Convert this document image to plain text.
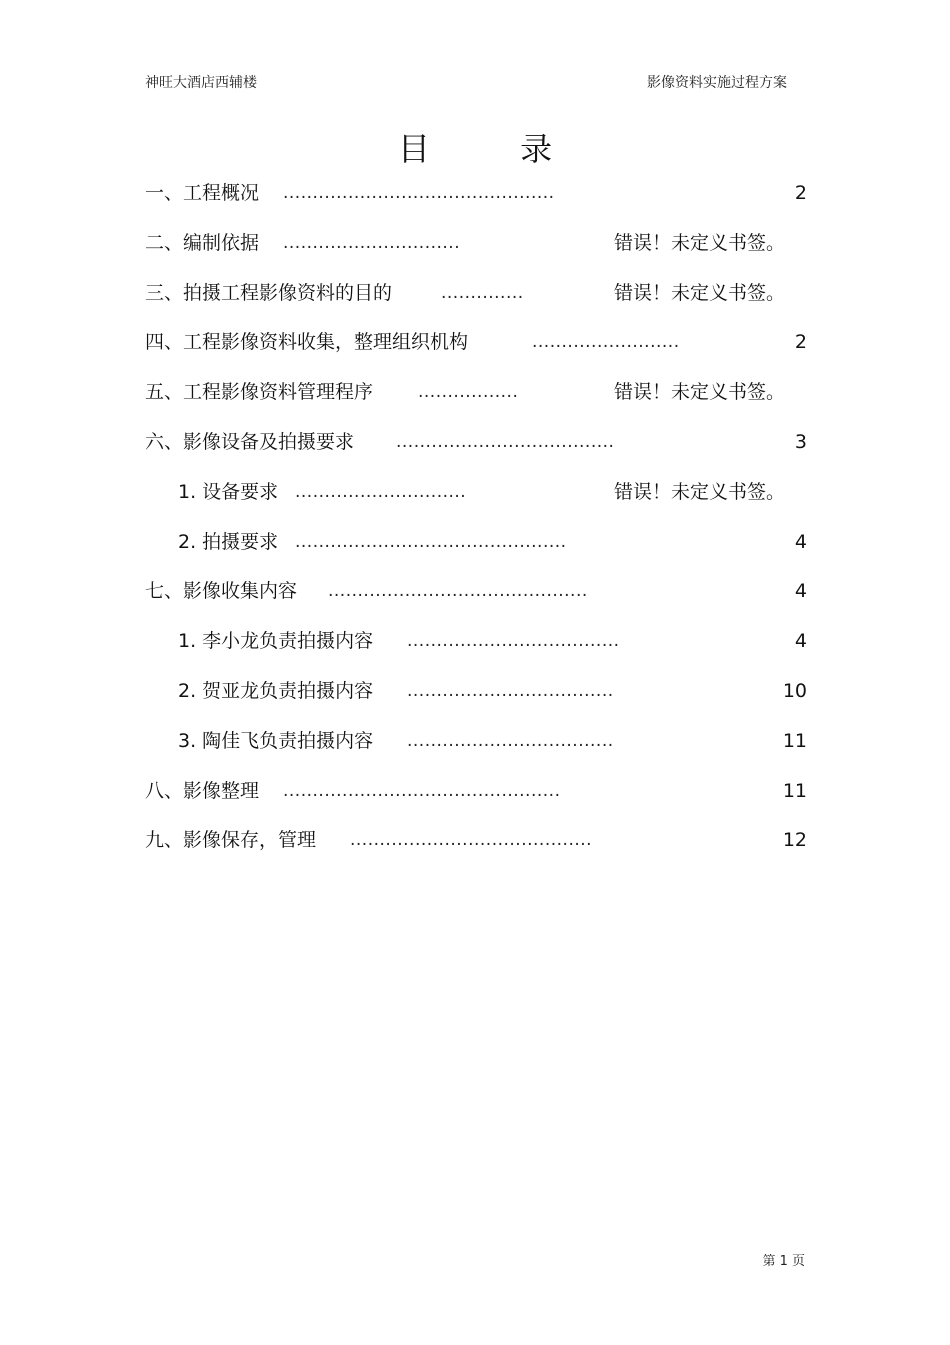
神旺大酒店西辅楼	影像资料实施过程方案
目 录
一、工程概况 ..............................................	2
二、编制依据 ..............................	错误！未定义书签。
三、拍摄工程影像资料的目的	..............	错误！未定义书签。
四、工程影像资料收集，整理组织机构	.........................	2
五、工程影像资料管理程序	.................	错误！未定义书签。
六、影像设备及拍摄要求 .....................................	3
1. 设备要求 .............................	错误！未定义书签。
2. 拍摄要求 ..............................................	4
七、影像收集内容 ............................................	4
1. 李小龙负责拍摄内容 ....................................	4
2. 贺亚龙负责拍摄内容 ...................................	10
3. 陶佳飞负责拍摄内容 ...................................	11
八、影像整理 ...............................................	11
九、影像保存，管理 .........................................	12
第 1 页
